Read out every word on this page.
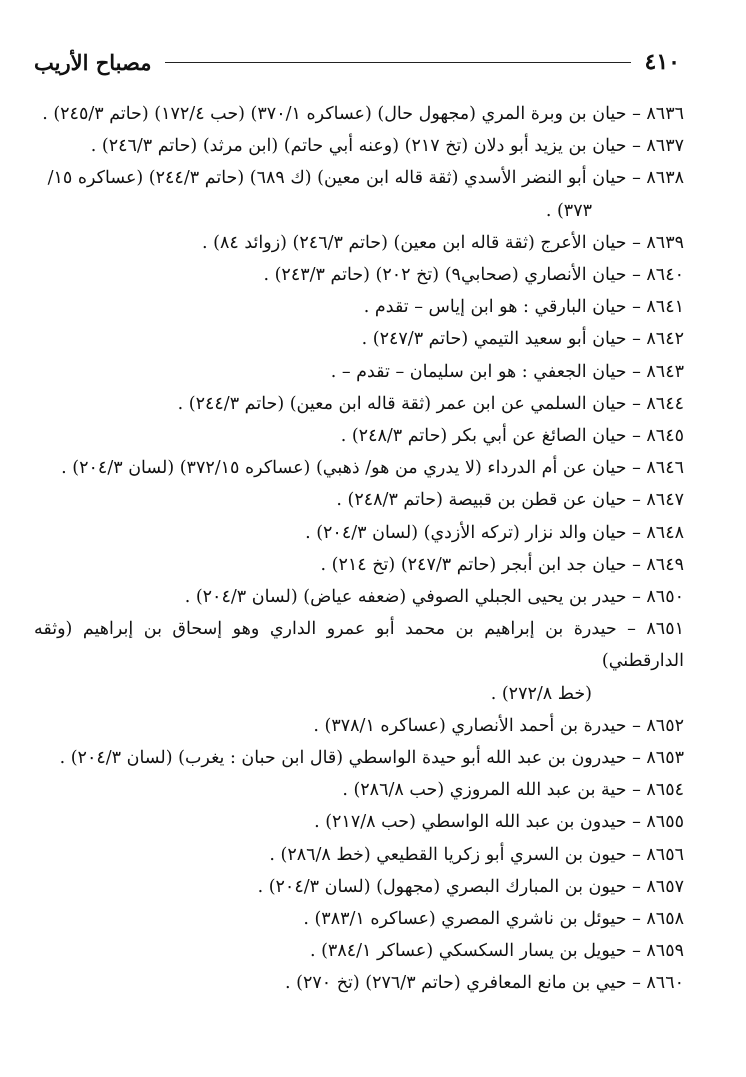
٤١٠
مصباح الأريب
٨٦٣٦ – حيان بن وبرة المري (مجهول حال) (عساكره ٣٧٠/١) (حب ١٧٢/٤) (حاتم ٢٤٥/٣) .
٨٦٣٧ – حيان بن يزيد أبو دلان (تخ ٢١٧) (وعنه أبي حاتم) (ابن مرثد) (حاتم ٢٤٦/٣) .
٨٦٣٨ – حيان أبو النضر الأسدي (ثقة قاله ابن معين) (ك ٦٨٩) (حاتم ٢٤٤/٣) (عساكره ١٥/
٣٧٣) .
٨٦٣٩ – حيان الأعرج (ثقة قاله ابن معين) (حاتم ٢٤٦/٣) (زوائد ٨٤) .
٨٦٤٠ – حيان الأنصاري (صحابي٩) (تخ ٢٠٢) (حاتم ٢٤٣/٣) .
٨٦٤١ – حيان البارقي : هو ابن إياس – تقدم .
٨٦٤٢ – حيان أبو سعيد التيمي (حاتم ٢٤٧/٣) .
٨٦٤٣ – حيان الجعفي : هو ابن سليمان – تقدم – .
٨٦٤٤ – حيان السلمي عن ابن عمر (ثقة قاله ابن معين) (حاتم ٢٤٤/٣) .
٨٦٤٥ – حيان الصائغ عن أبي بكر (حاتم ٢٤٨/٣) .
٨٦٤٦ – حيان عن أم الدرداء (لا يدري من هو/ ذهبي) (عساكره ٣٧٢/١٥) (لسان ٢٠٤/٣) .
٨٦٤٧ – حيان عن قطن بن قبيصة (حاتم ٢٤٨/٣) .
٨٦٤٨ – حيان والد نزار (تركه الأزدي) (لسان ٢٠٤/٣) .
٨٦٤٩ – حيان جد ابن أبجر (حاتم ٢٤٧/٣) (تخ ٢١٤) .
٨٦٥٠ – حيدر بن يحيى الجبلي الصوفي (ضعفه عياض) (لسان ٢٠٤/٣) .
٨٦٥١ – حيدرة بن إبراهيم بن محمد أبو عمرو الداري وهو إسحاق بن إبراهيم (وثقه الدارقطني)
(خط ٢٧٢/٨) .
٨٦٥٢ – حيدرة بن أحمد الأنصاري (عساكره ٣٧٨/١) .
٨٦٥٣ – حيدرون بن عبد الله أبو حيدة الواسطي (قال ابن حبان : يغرب) (لسان ٢٠٤/٣) .
٨٦٥٤ – حية بن عبد الله المروزي (حب ٢٨٦/٨) .
٨٦٥٥ – حيدون بن عبد الله الواسطي (حب ٢١٧/٨) .
٨٦٥٦ – حيون بن السري أبو زكريا القطيعي (خط ٢٨٦/٨) .
٨٦٥٧ – حيون بن المبارك البصري (مجهول) (لسان ٢٠٤/٣) .
٨٦٥٨ – حيوئل بن ناشري المصري (عساكره ٣٨٣/١) .
٨٦٥٩ – حيويل بن يسار السكسكي (عساكر ٣٨٤/١) .
٨٦٦٠ – حيي بن مانع المعافري (حاتم ٢٧٦/٣) (تخ ٢٧٠) .
